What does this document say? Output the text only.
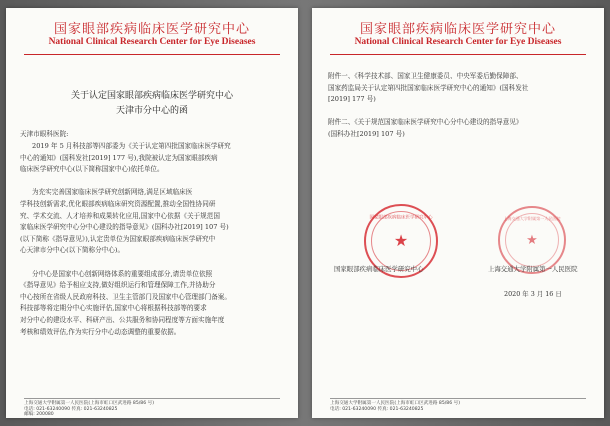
国家眼部疾病临床医学研究中心
National Clinical Research Center for Eye Diseases
关于认定国家眼部疾病临床医学研究中心
天津市分中心的函
天津市眼科医院:
2019 年 5 月科技部等四部委为《关于认定第四批国家临床医学研究
中心的通知》(国科发社[2019] 177 号),我院被认定为国家眼部疾病
临床医学研究中心(以下简称国家中心)依托单位。
为充实完善国家临床医学研究创新网络,满足区域临床医
学科技创新需求,优化眼部疾病临床研究资源配置,推动全国性协同研
究、学术交流、人才培养和成果转化应用,国家中心依据《关于规范国
家临床医学研究中心分中心建设的指导意见》(国科办社[2019] 107 号)
(以下简称《指导意见》),认定贵单位为国家眼部疾病临床医学研究中
心天津市分中心(以下简称分中心)。
分中心是国家中心创新网络体系的重要组成部分,请贵单位依照
《指导意见》给予相应支持,做好组织运行和管理保障工作,并协助分
中心按所在省级人民政府科技、卫生主管部门及国家中心管理部门备案。
科技部等将定期分中心实施评估,国家中心将根据科技部等的要求
对分中心的建设水平、科研产出、公共服务和协同程度等方面实施年度
考核和绩效评估,作为实行分中心动态调整的重要依据。
上海交通大学附属第一人民医院(上海市虹口区武进路 85/86 号)
电话: 021-63240090 传真: 021-63240825
邮编: 200080
国家眼部疾病临床医学研究中心
National Clinical Research Center for Eye Diseases
附件一、《科学技术部、国家卫生健康委员、中央军委后勤保障部、
国家药监局关于认定第四批国家临床医学研究中心的通知》(国科发社
[2019] 177 号)
附件二、《关于规范国家临床医学研究中心分中心建设的指导意见》
(国科办社[2019] 107 号)
★
国家眼部疾病临床医学研究中心
★
上海交通大学附属第一人民医院
国家眼部疾病临床医学研究中心	上海交通大学附属第一人民医院
2020 年 3 月 16 日
上海交通大学附属第一人民医院(上海市虹口区武进路 85/86 号)
电话: 021-63240090 传真: 021-63240825
